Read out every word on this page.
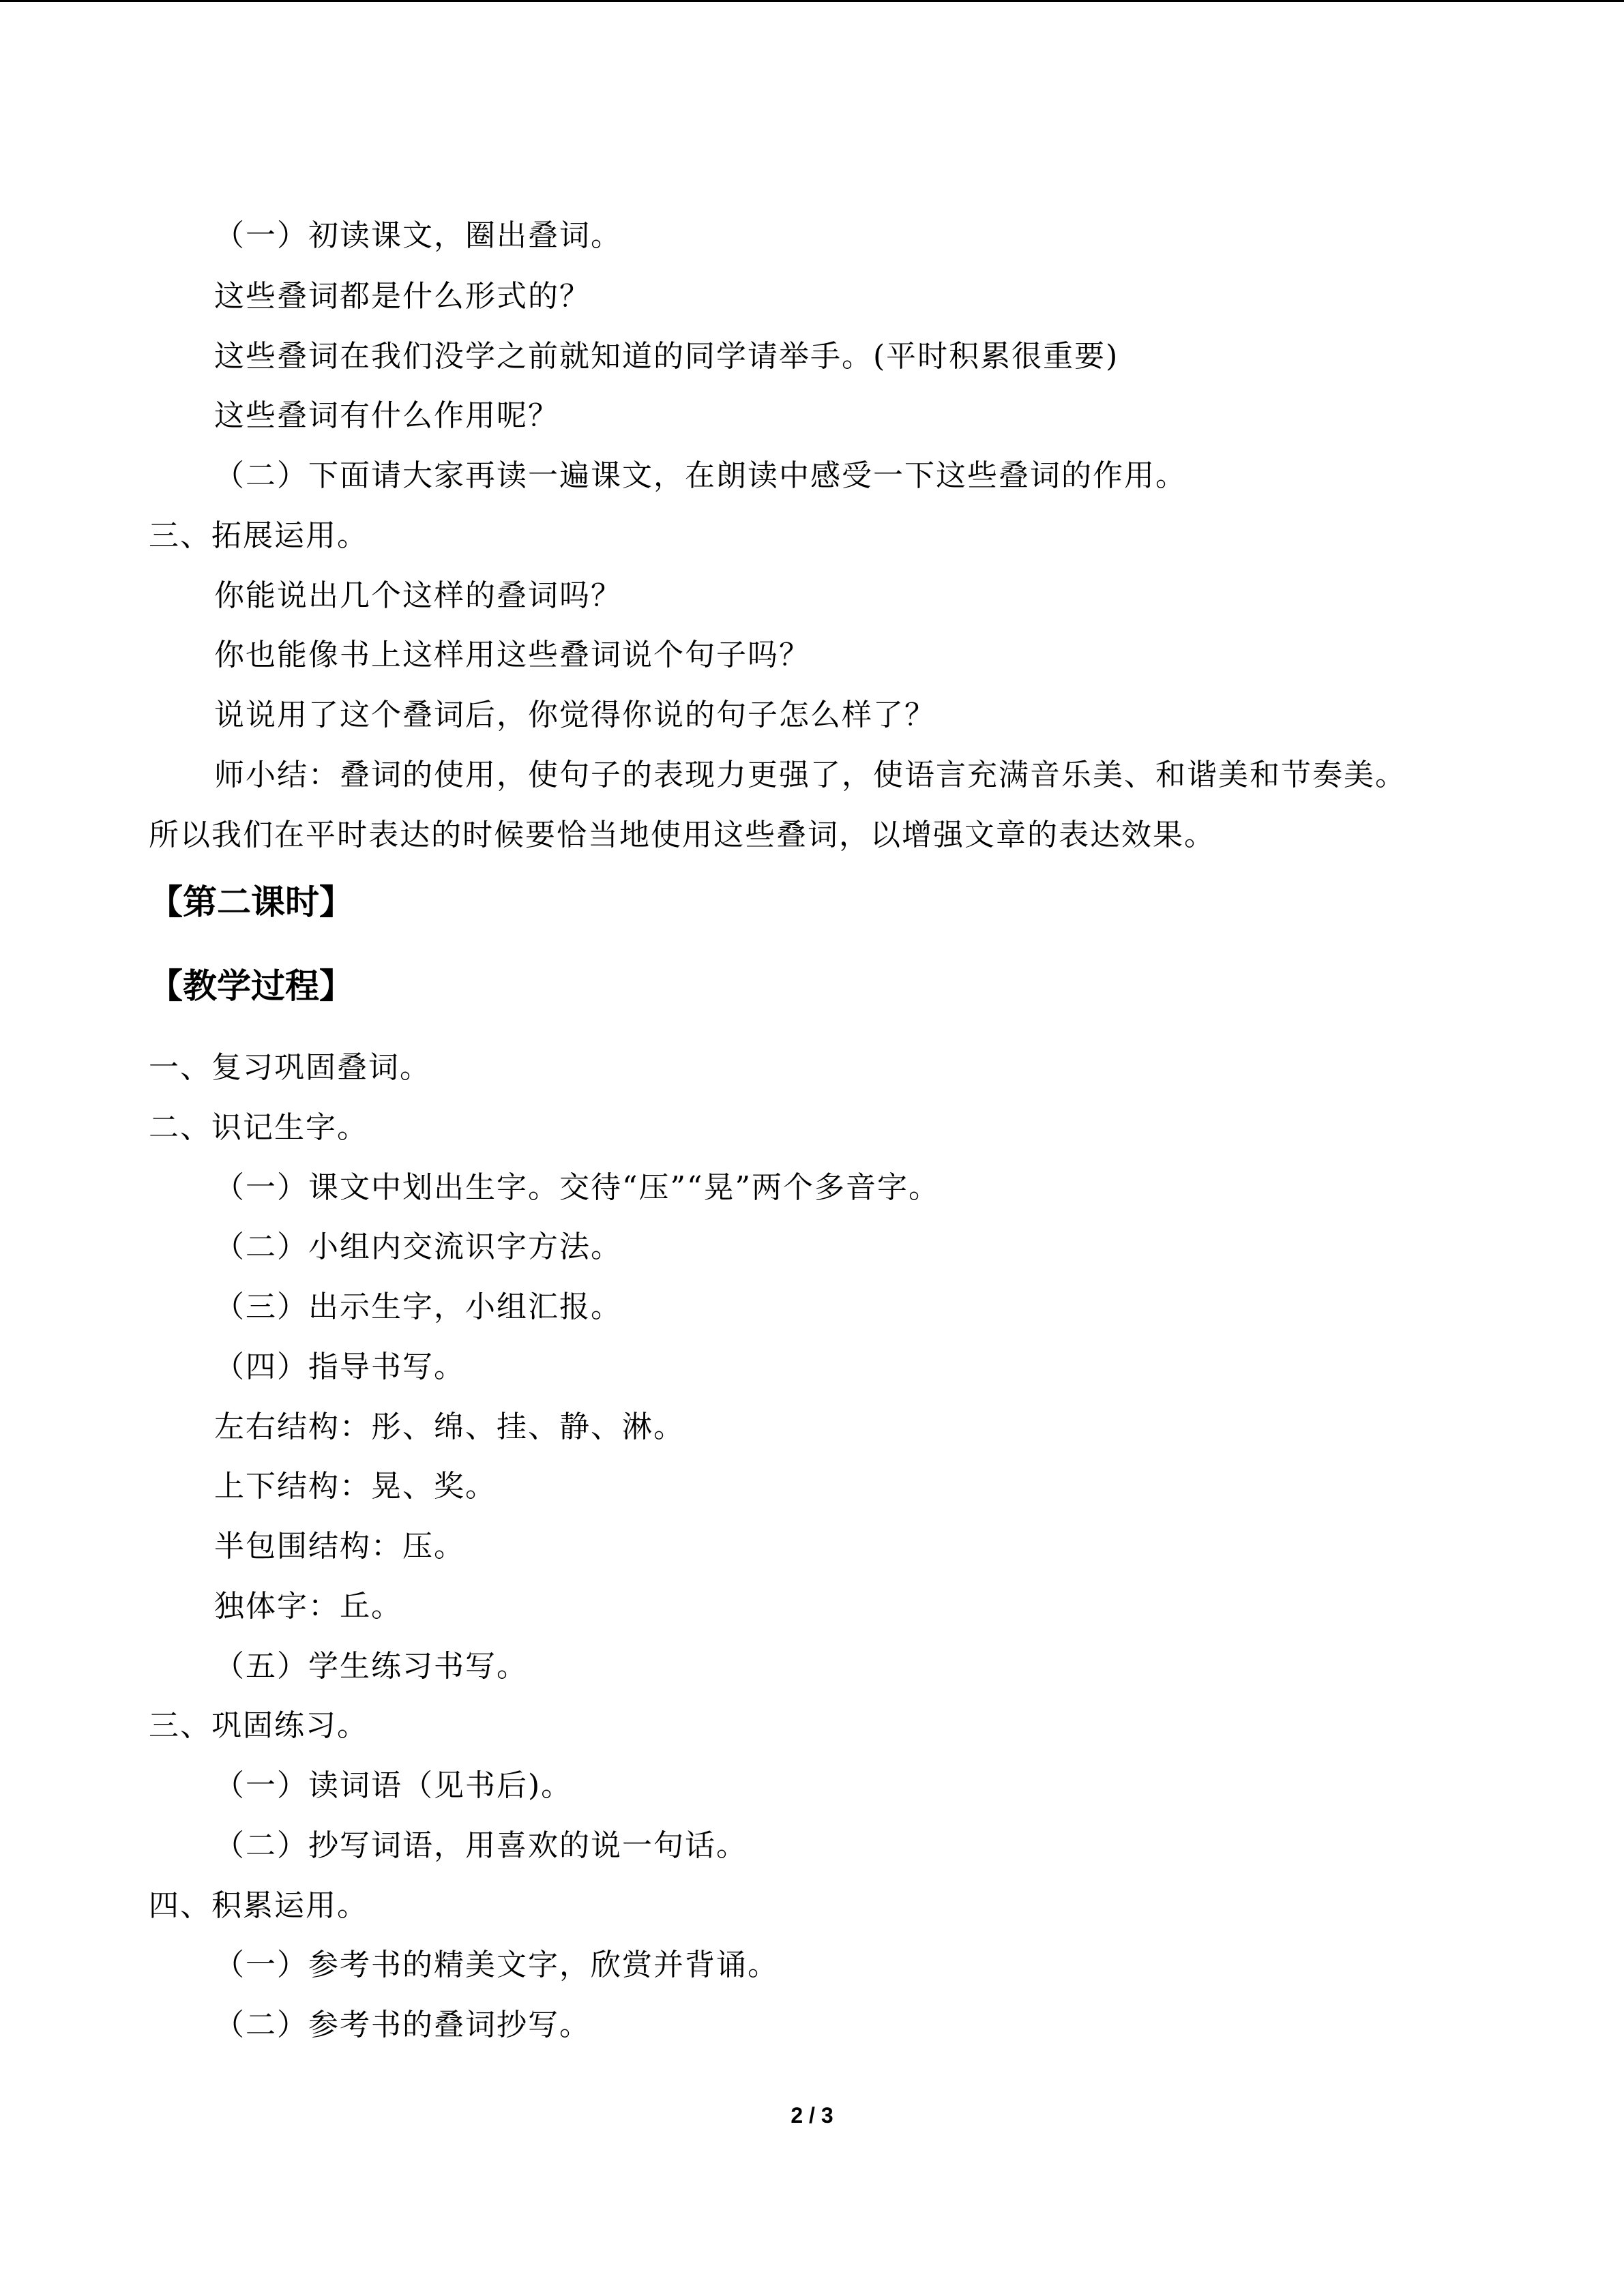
（一）初读课文，圈出叠词。
这些叠词都是什么形式的？
这些叠词在我们没学之前就知道的同学请举手。(平时积累很重要)
这些叠词有什么作用呢？
（二）下面请大家再读一遍课文，在朗读中感受一下这些叠词的作用。
三、拓展运用。
你能说出几个这样的叠词吗？
你也能像书上这样用这些叠词说个句子吗？
说说用了这个叠词后，你觉得你说的句子怎么样了？
师小结：叠词的使用，使句子的表现力更强了，使语言充满音乐美、和谐美和节奏美。
所以我们在平时表达的时候要恰当地使用这些叠词，以增强文章的表达效果。
【第二课时】
【教学过程】
一、复习巩固叠词。
二、识记生字。
（一）课文中划出生字。交待“压”“晃”两个多音字。
（二）小组内交流识字方法。
（三）出示生字，小组汇报。
（四）指导书写。
左右结构：彤、绵、挂、静、淋。
上下结构：晃、奖。
半包围结构：压。
独体字：丘。
（五）学生练习书写。
三、巩固练习。
（一）读词语（见书后)。
（二）抄写词语，用喜欢的说一句话。
四、积累运用。
（一）参考书的精美文字，欣赏并背诵。
（二）参考书的叠词抄写。
2 / 3
